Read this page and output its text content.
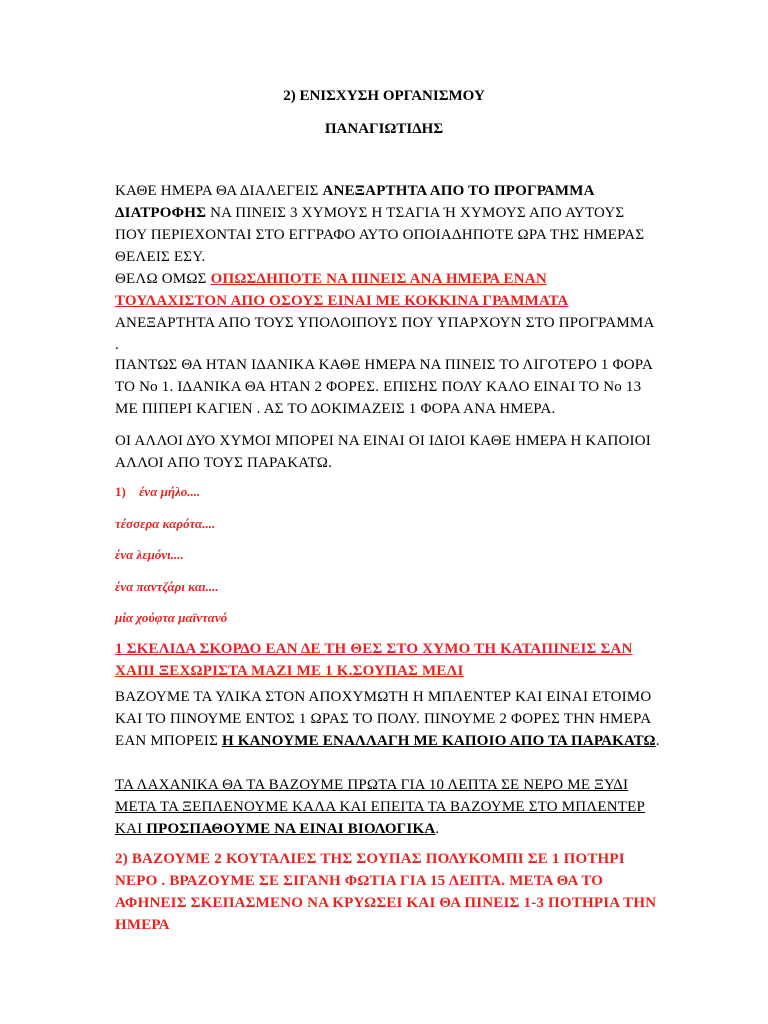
2) ΕΝΙΣΧΥΣΗ ΟΡΓΑΝΙΣΜΟΥ
ΠΑΝΑΓΙΩΤΙΔΗΣ
ΚΑΘΕ ΗΜΕΡΑ ΘΑ ΔΙΑΛΕΓΕΙΣ ΑΝΕΞΑΡΤΗΤΑ ΑΠΟ ΤΟ ΠΡΟΓΡΑΜΜΑ ΔΙΑΤΡΟΦΗΣ ΝΑ ΠΙΝΕΙΣ 3 ΧΥΜΟΥΣ Η ΤΣΑΓΙΑ Ή ΧΥΜΟΥΣ ΑΠΟ ΑΥΤΟΥΣ ΠΟΥ ΠΕΡΙΕΧΟΝΤΑΙ ΣΤΟ ΕΓΓΡΑΦΟ ΑΥΤΟ ΟΠΟΙΑΔΗΠΟΤΕ ΩΡΑ ΤΗΣ ΗΜΕΡΑΣ ΘΕΛΕΙΣ ΕΣΥ.
ΘΕΛΩ ΟΜΩΣ ΟΠΩΣΔΗΠΟΤΕ ΝΑ ΠΙΝΕΙΣ ΑΝΑ ΗΜΕΡΑ ΕΝΑΝ ΤΟΥΛΑΧΙΣΤΟΝ ΑΠΟ ΟΣΟΥΣ ΕΙΝΑΙ ΜΕ ΚΟΚΚΙΝΑ ΓΡΑΜΜΑΤΑ ΑΝΕΞΑΡΤΗΤΑ ΑΠΟ ΤΟΥΣ ΥΠΟΛΟΙΠΟΥΣ ΠΟΥ ΥΠΑΡΧΟΥΝ ΣΤΟ ΠΡΟΓΡΑΜΜΑ .
ΠΑΝΤΩΣ ΘΑ ΗΤΑΝ ΙΔΑΝΙΚΑ ΚΑΘΕ ΗΜΕΡΑ ΝΑ ΠΙΝΕΙΣ ΤΟ ΛΙΓΟΤΕΡΟ 1 ΦΟΡΑ ΤΟ Νο 1. ΙΔΑΝΙΚΑ ΘΑ ΗΤΑΝ 2 ΦΟΡΕΣ. ΕΠΙΣΗΣ ΠΟΛΥ ΚΑΛΟ ΕΙΝΑΙ ΤΟ Νο 13 ΜΕ ΠΙΠΕΡΙ ΚΑΓΙΕΝ . ΑΣ ΤΟ ΔΟΚΙΜΑΖΕΙΣ 1 ΦΟΡΑ ΑΝΑ ΗΜΕΡΑ.
ΟΙ ΑΛΛΟΙ ΔΥΟ ΧΥΜΟΙ ΜΠΟΡΕΙ ΝΑ ΕΙΝΑΙ ΟΙ ΙΔΙΟΙ ΚΑΘΕ ΗΜΕΡΑ Η ΚΑΠΟΙΟΙ ΑΛΛΟΙ ΑΠΟ ΤΟΥΣ ΠΑΡΑΚΑΤΩ.
1) ένα μήλο....
τέσσερα καρότα....
ένα λεμόνι....
ένα παντζάρι και....
μία χούφτα μαϊντανό
1 ΣΚΕΛΙΔΑ ΣΚΟΡΔΟ ΕΑΝ ΔΕ ΤΗ ΘΕΣ ΣΤΟ ΧΥΜΟ ΤΗ ΚΑΤΑΠΙΝΕΙΣ ΣΑΝ ΧΑΠΙ ΞΕΧΩΡΙΣΤΑ ΜΑΖΙ ΜΕ 1 Κ.ΣΟΥΠΑΣ ΜΕΛΙ
ΒΑΖΟΥΜΕ ΤΑ ΥΛΙΚΑ ΣΤΟΝ ΑΠΟΧΥΜΩΤΗ Η ΜΠΛΕΝΤΕΡ ΚΑΙ ΕΙΝΑΙ ΕΤΟΙΜΟ ΚΑΙ ΤΟ ΠΙΝΟΥΜΕ ΕΝΤΟΣ 1 ΩΡΑΣ ΤΟ ΠΟΛΥ. ΠΙΝΟΥΜΕ 2 ΦΟΡΕΣ ΤΗΝ ΗΜΕΡΑ ΕΑΝ ΜΠΟΡΕΙΣ Η ΚΑΝΟΥΜΕ ΕΝΑΛΛΑΓΗ ΜΕ ΚΑΠΟΙΟ ΑΠΟ ΤΑ ΠΑΡΑΚΑΤΩ.
ΤΑ ΛΑΧΑΝΙΚΑ ΘΑ ΤΑ ΒΑΖΟΥΜΕ ΠΡΩΤΑ ΓΙΑ 10 ΛΕΠΤΑ ΣΕ ΝΕΡΟ ΜΕ ΞΥΔΙ ΜΕΤΑ ΤΑ ΞΕΠΛΕΝΟΥΜΕ ΚΑΛΑ ΚΑΙ ΕΠΕΙΤΑ ΤΑ ΒΑΖΟΥΜΕ ΣΤΟ ΜΠΛΕΝΤΕΡ ΚΑΙ ΠΡΟΣΠΑΘΟΥΜΕ ΝΑ ΕΙΝΑΙ ΒΙΟΛΟΓΙΚΑ.
2) ΒΑΖΟΥΜΕ 2 ΚΟΥΤΑΛΙΕΣ ΤΗΣ ΣΟΥΠΑΣ ΠΟΛΥΚΟΜΠΙ ΣΕ 1 ΠΟΤΗΡΙ ΝΕΡΟ . ΒΡΑΖΟΥΜΕ ΣΕ ΣΙΓΑΝΗ ΦΩΤΙΑ ΓΙΑ 15 ΛΕΠΤΑ. ΜΕΤΑ ΘΑ ΤΟ ΑΦΗΝΕΙΣ ΣΚΕΠΑΣΜΕΝΟ ΝΑ ΚΡΥΩΣΕΙ ΚΑΙ ΘΑ ΠΙΝΕΙΣ 1-3 ΠΟΤΗΡΙΑ ΤΗΝ ΗΜΕΡΑ
